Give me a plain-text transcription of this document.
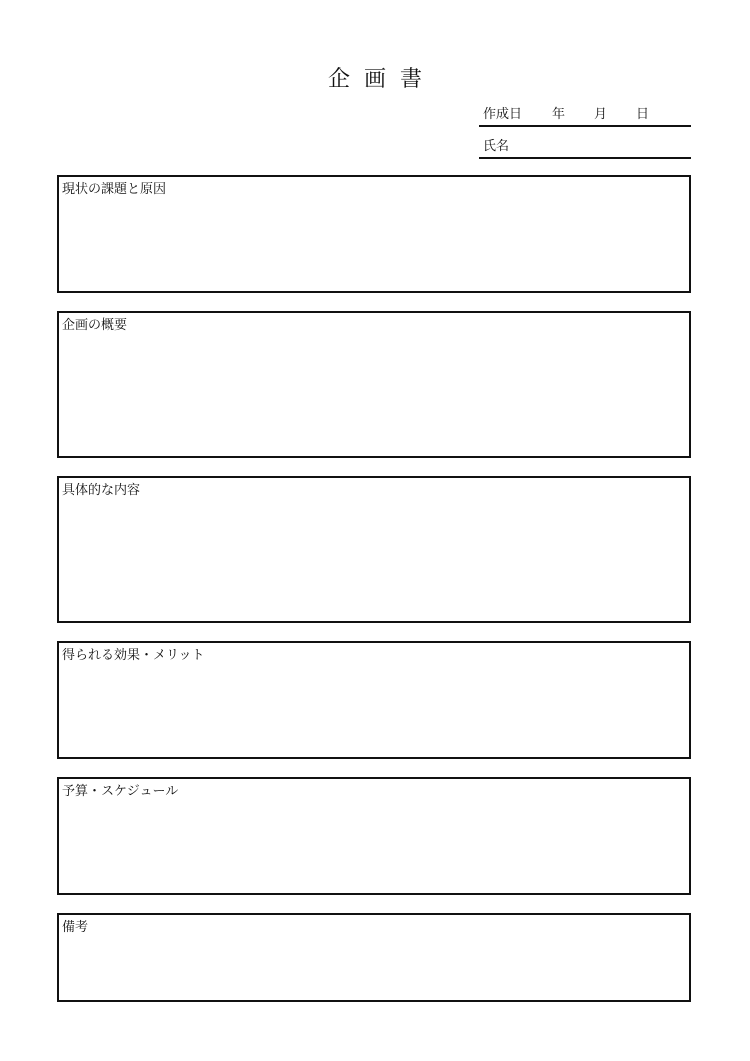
企画書
作成日 年 月 日
氏名
現状の課題と原因
企画の概要
具体的な内容
得られる効果・メリット
予算・スケジュール
備考
